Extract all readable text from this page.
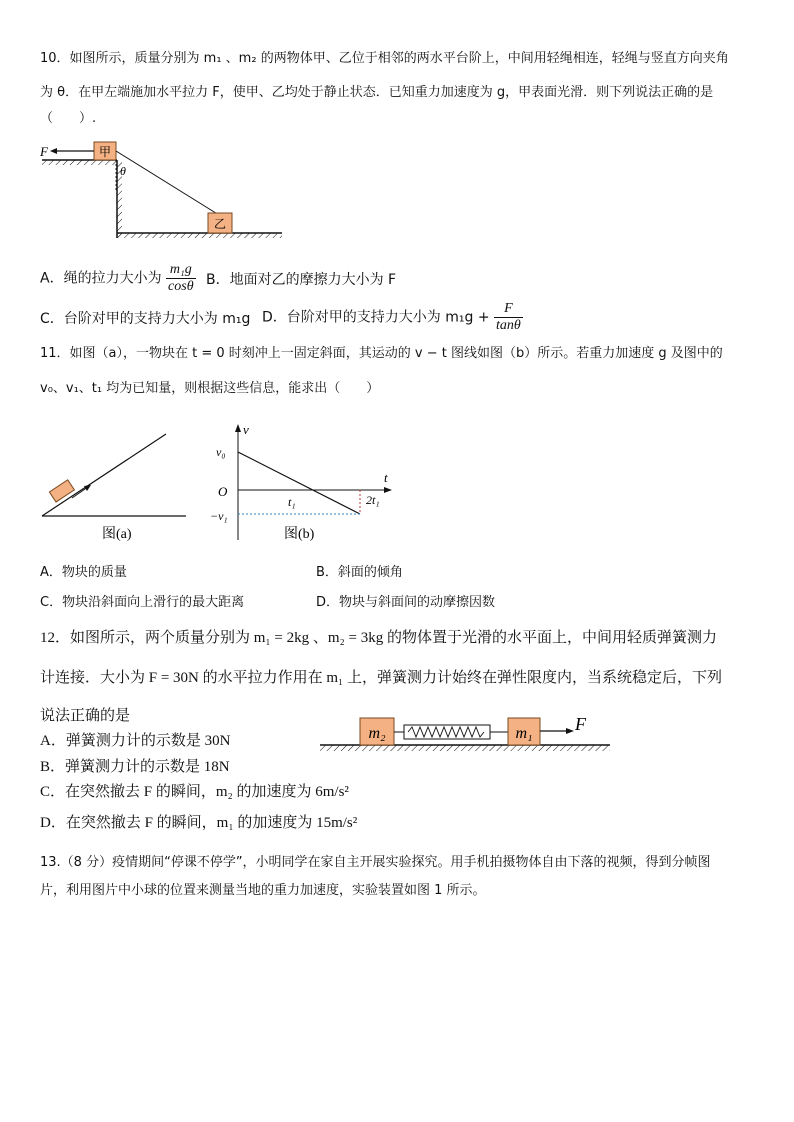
10．如图所示，质量分别为 m₁ 、m₂ 的两物体甲、乙位于相邻的两水平台阶上，中间用轻绳相连，轻绳与竖直方向夹角
为 θ．在甲左端施加水平拉力 F，使甲、乙均处于静止状态．已知重力加速度为 g，甲表面光滑．则下列说法正确的是
（　　）.
甲
F
θ
乙
A．绳的拉力大小为 $\frac{\text{m₁g}}{\cos\theta}$ B．地面对乙的摩擦力大小为 F
C．台阶对甲的支持力大小为 m₁g D．台阶对甲的支持力大小为 $m_1g + \frac{F}{\tan\theta}$
11．如图（a），一物块在 t = 0 时刻冲上一固定斜面，其运动的 v − t 图线如图（b）所示。若重力加速度 g 及图中的
v₀、v₁、t₁ 均为已知量，则根据这些信息，能求出（　　）
图(a)
v
t
v₀
O
−v₁
t₁	2t₁
图(b)
A．物块的质量	B．斜面的倾角
C．物块沿斜面向上滑行的最大距离	D．物块与斜面间的动摩擦因数
12．如图所示，两个质量分别为 m₁ = 2kg 、m₂ = 3kg 的物体置于光滑的水平面上，中间用轻质弹簧测力
计连接．大小为 F = 30N 的水平拉力作用在 m₁ 上，弹簧测力计始终在弹性限度内，当系统稳定后，下列
说法正确的是
m₂	m₁ F
A．弹簧测力计的示数是 30N
B．弹簧测力计的示数是 18N
C．在突然撤去 F 的瞬间，m₂ 的加速度为 6m/s²
D．在突然撤去 F 的瞬间，m₁ 的加速度为 15m/s²
13.（8 分）疫情期间“停课不停学”，小明同学在家自主开展实验探究。用手机拍摄物体自由下落的视频，得到分帧图
片，利用图片中小球的位置来测量当地的重力加速度，实验装置如图 1 所示。
